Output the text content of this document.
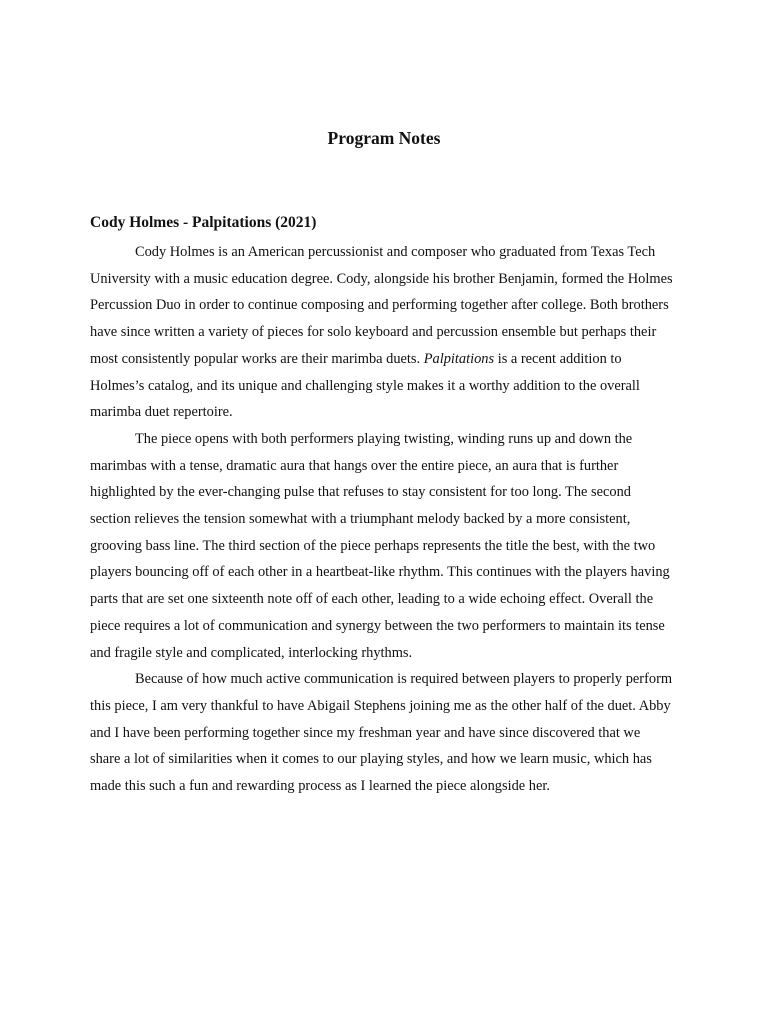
Program Notes
Cody Holmes - Palpitations (2021)

Cody Holmes is an American percussionist and composer who graduated from Texas Tech University with a music education degree. Cody, alongside his brother Benjamin, formed the Holmes Percussion Duo in order to continue composing and performing together after college. Both brothers have since written a variety of pieces for solo keyboard and percussion ensemble but perhaps their most consistently popular works are their marimba duets. Palpitations is a recent addition to Holmes’s catalog, and its unique and challenging style makes it a worthy addition to the overall marimba duet repertoire.

The piece opens with both performers playing twisting, winding runs up and down the marimbas with a tense, dramatic aura that hangs over the entire piece, an aura that is further highlighted by the ever-changing pulse that refuses to stay consistent for too long. The second section relieves the tension somewhat with a triumphant melody backed by a more consistent, grooving bass line. The third section of the piece perhaps represents the title the best, with the two players bouncing off of each other in a heartbeat-like rhythm. This continues with the players having parts that are set one sixteenth note off of each other, leading to a wide echoing effect. Overall the piece requires a lot of communication and synergy between the two performers to maintain its tense and fragile style and complicated, interlocking rhythms.

Because of how much active communication is required between players to properly perform this piece, I am very thankful to have Abigail Stephens joining me as the other half of the duet. Abby and I have been performing together since my freshman year and have since discovered that we share a lot of similarities when it comes to our playing styles, and how we learn music, which has made this such a fun and rewarding process as I learned the piece alongside her.
